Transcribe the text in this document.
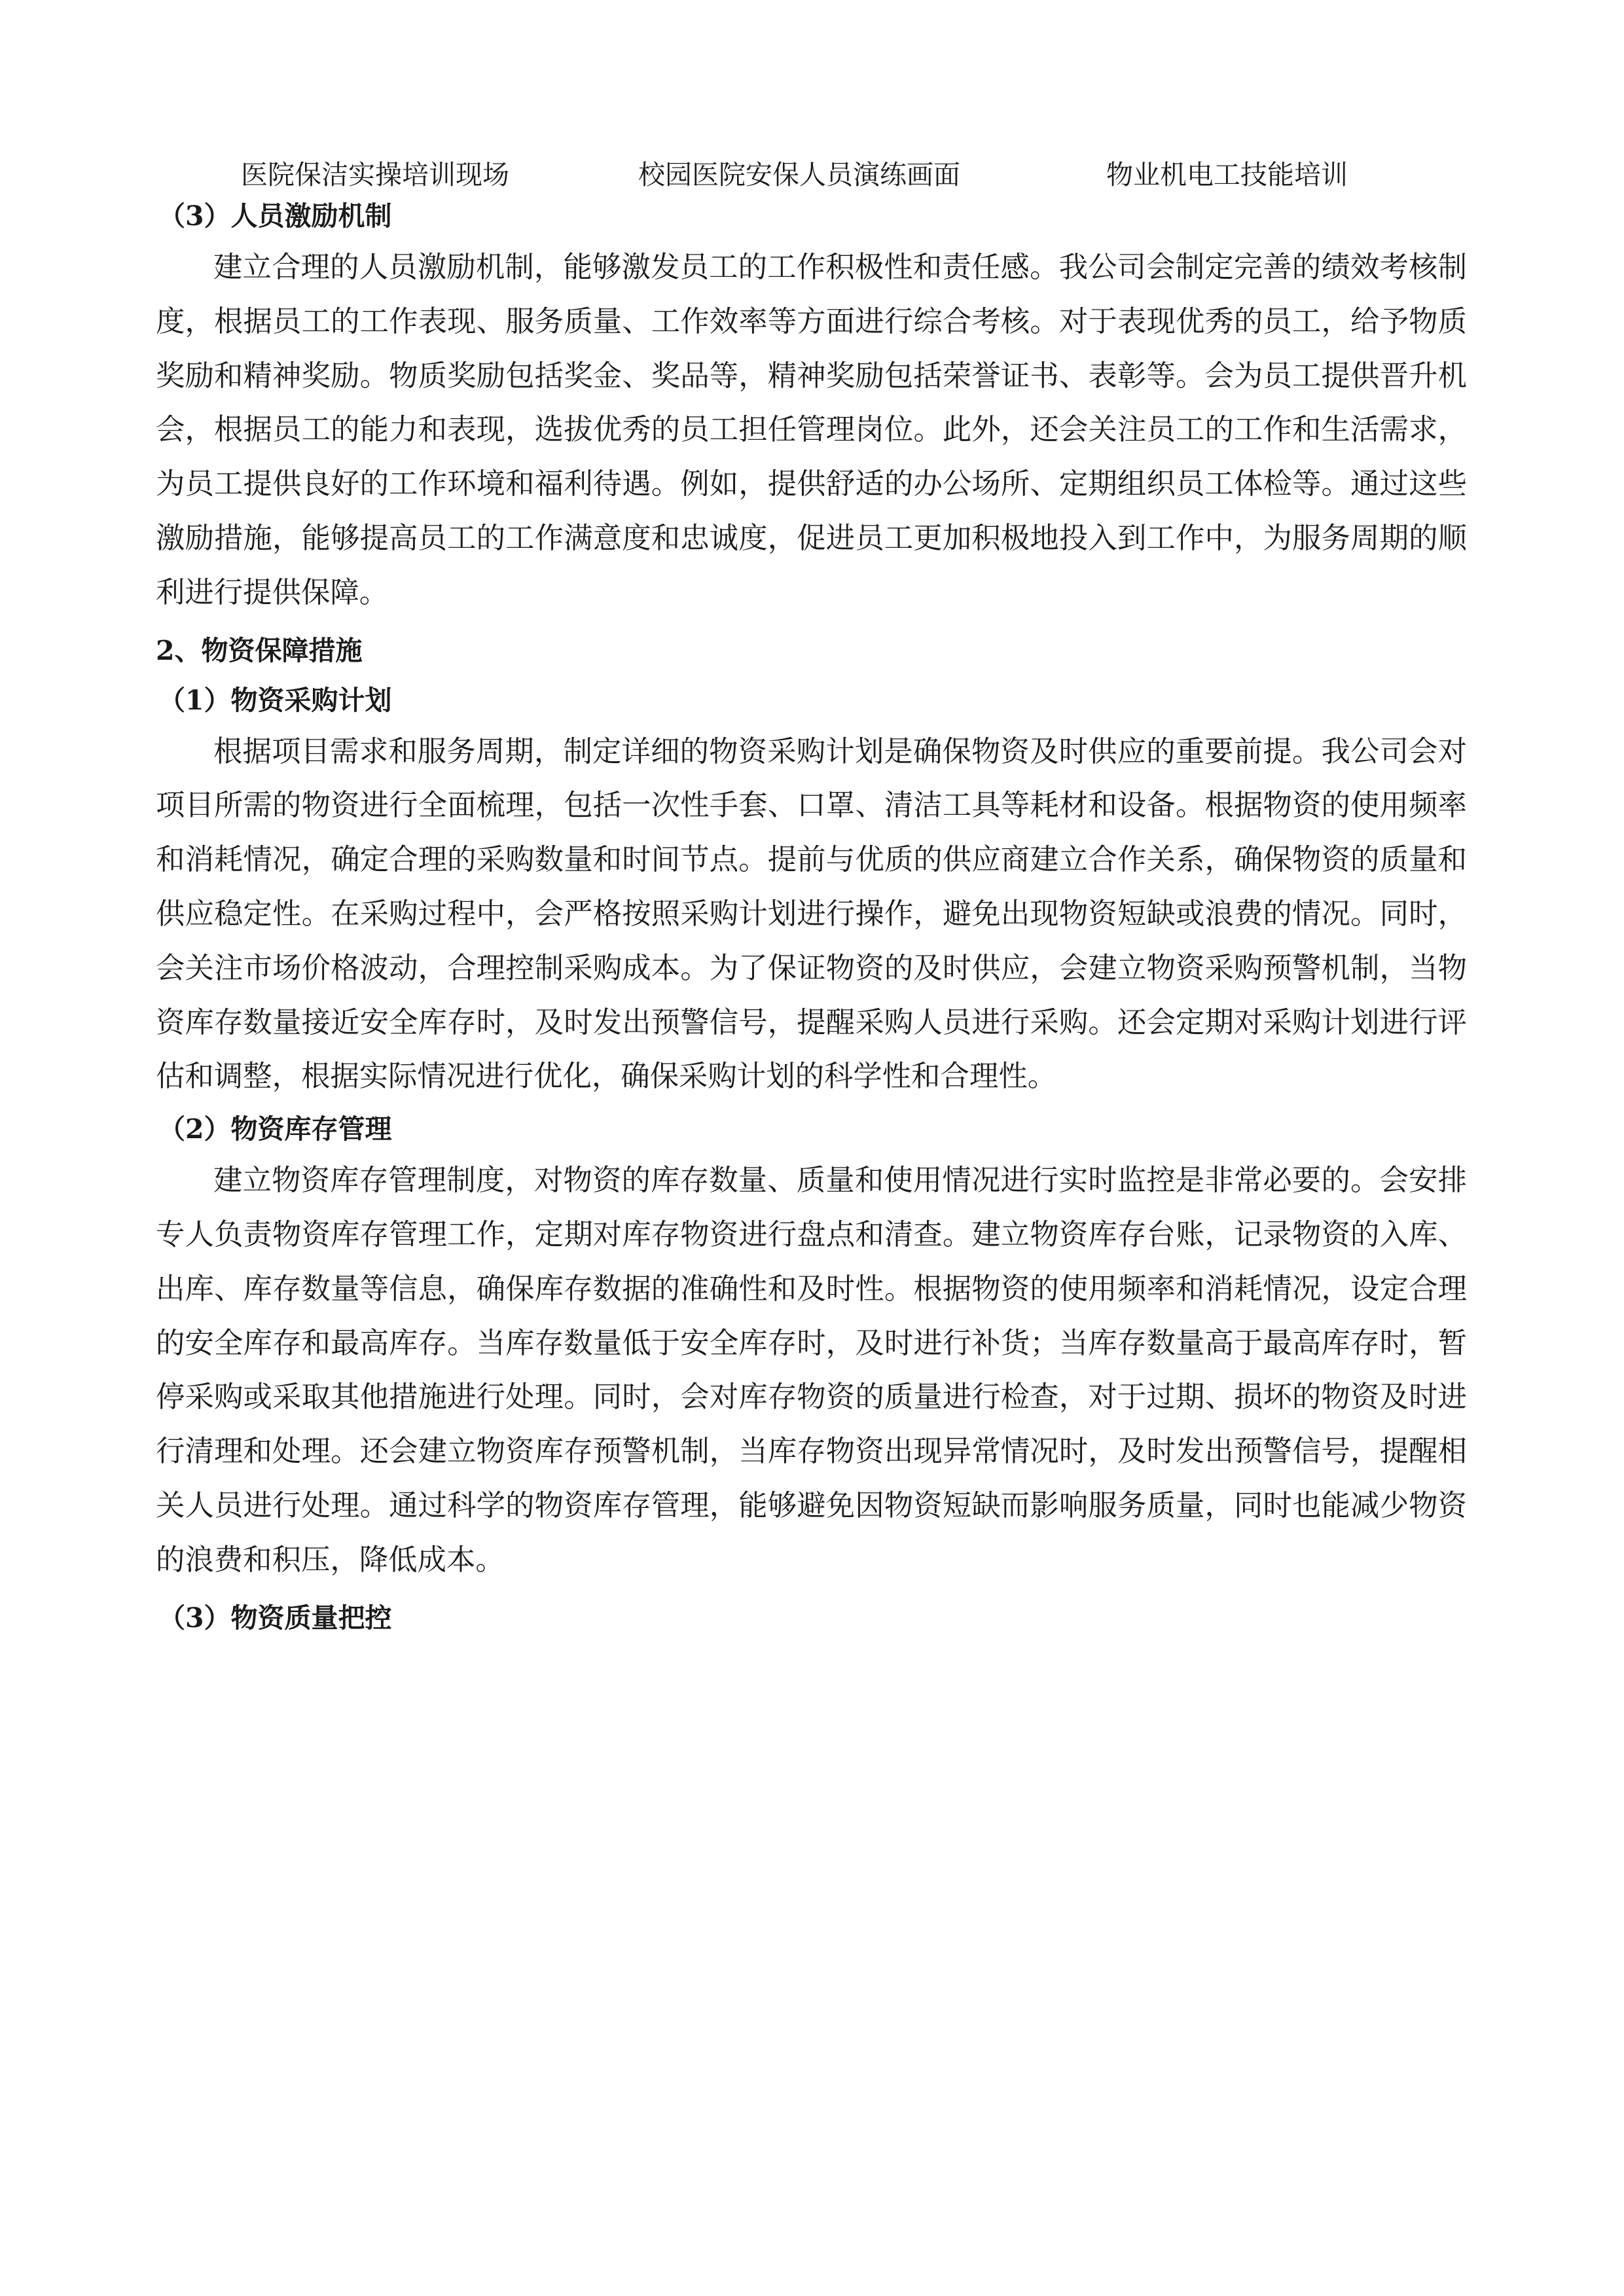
医院保洁实操培训现场	校园医院安保人员演练画面	物业机电工技能培训
（3）人员激励机制

建立合理的人员激励机制，能够激发员工的工作积极性和责任感。我公司会制定完善的绩效考核制度，根据员工的工作表现、服务质量、工作效率等方面进行综合考核。对于表现优秀的员工，给予物质奖励和精神奖励。物质奖励包括奖金、奖品等，精神奖励包括荣誉证书、表彰等。会为员工提供晋升机会，根据员工的能力和表现，选拔优秀的员工担任管理岗位。此外，还会关注员工的工作和生活需求，为员工提供良好的工作环境和福利待遇。例如，提供舒适的办公场所、定期组织员工体检等。通过这些激励措施，能够提高员工的工作满意度和忠诚度，促进员工更加积极地投入到工作中，为服务周期的顺利进行提供保障。

2、物资保障措施
（1）物资采购计划

根据项目需求和服务周期，制定详细的物资采购计划是确保物资及时供应的重要前提。我公司会对项目所需的物资进行全面梳理，包括一次性手套、口罩、清洁工具等耗材和设备。根据物资的使用频率和消耗情况，确定合理的采购数量和时间节点。提前与优质的供应商建立合作关系，确保物资的质量和供应稳定性。在采购过程中，会严格按照采购计划进行操作，避免出现物资短缺或浪费的情况。同时，会关注市场价格波动，合理控制采购成本。为了保证物资的及时供应，会建立物资采购预警机制，当物资库存数量接近安全库存时，及时发出预警信号，提醒采购人员进行采购。还会定期对采购计划进行评估和调整，根据实际情况进行优化，确保采购计划的科学性和合理性。

（2）物资库存管理

建立物资库存管理制度，对物资的库存数量、质量和使用情况进行实时监控是非常必要的。会安排专人负责物资库存管理工作，定期对库存物资进行盘点和清查。建立物资库存台账，记录物资的入库、出库、库存数量等信息，确保库存数据的准确性和及时性。根据物资的使用频率和消耗情况，设定合理的安全库存和最高库存。当库存数量低于安全库存时，及时进行补货；当库存数量高于最高库存时，暂停采购或采取其他措施进行处理。同时，会对库存物资的质量进行检查，对于过期、损坏的物资及时进行清理和处理。还会建立物资库存预警机制，当库存物资出现异常情况时，及时发出预警信号，提醒相关人员进行处理。通过科学的物资库存管理，能够避免因物资短缺而影响服务质量，同时也能减少物资的浪费和积压，降低成本。

（3）物资质量把控
